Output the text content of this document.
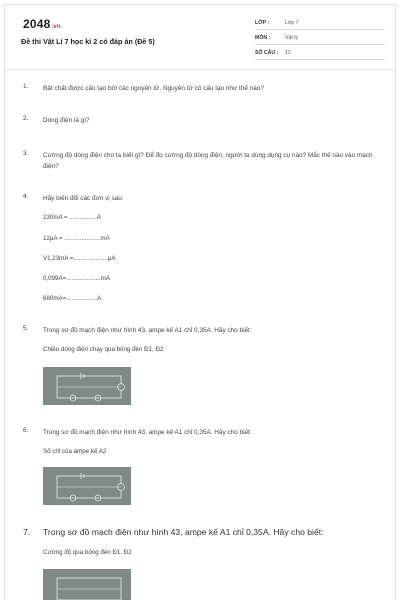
2048.vn
Đề thi Vật Lí 7 học kì 2 có đáp án (Đề 5)
LỚP :	Lớp 7
MÔN :	Vật lý
SỐ CÂU : 12
1. Bật chất được cấu tạo bởi các nguyên tử. Nguyên tử có cấu tạo như thế nào?
2. Dòng điện là gì?
3. Cường độ dòng điện cho ta biết gì? Để đo cường độ dòng điện, người ta dùng dụng cụ nào? Mắc thế nào vào mạch điện?
4. Hãy biến đổi các đơn vị sau:
230mA = ................A
12μA = .....................mA
V1,23mA =....................μA
0,099A=....................mA
680mA=..................A
5. Trong sơ đồ mạch điện như hình 43, ampe kế A1 chỉ 0,35A. Hãy cho biết:
Chiều dòng điện chạy qua bóng đèn Đ1, Đ2
6. Trong sơ đồ mạch điện như hình 43, ampe kế A1 chỉ 0,35A. Hãy cho biết:
Số chỉ của ampe kế A2
7. Trong sơ đồ mạch điện như hình 43, ampe kế A1 chỉ 0,35A. Hãy cho biết:
Cường độ qua bóng đèn Đ1, Đ2
